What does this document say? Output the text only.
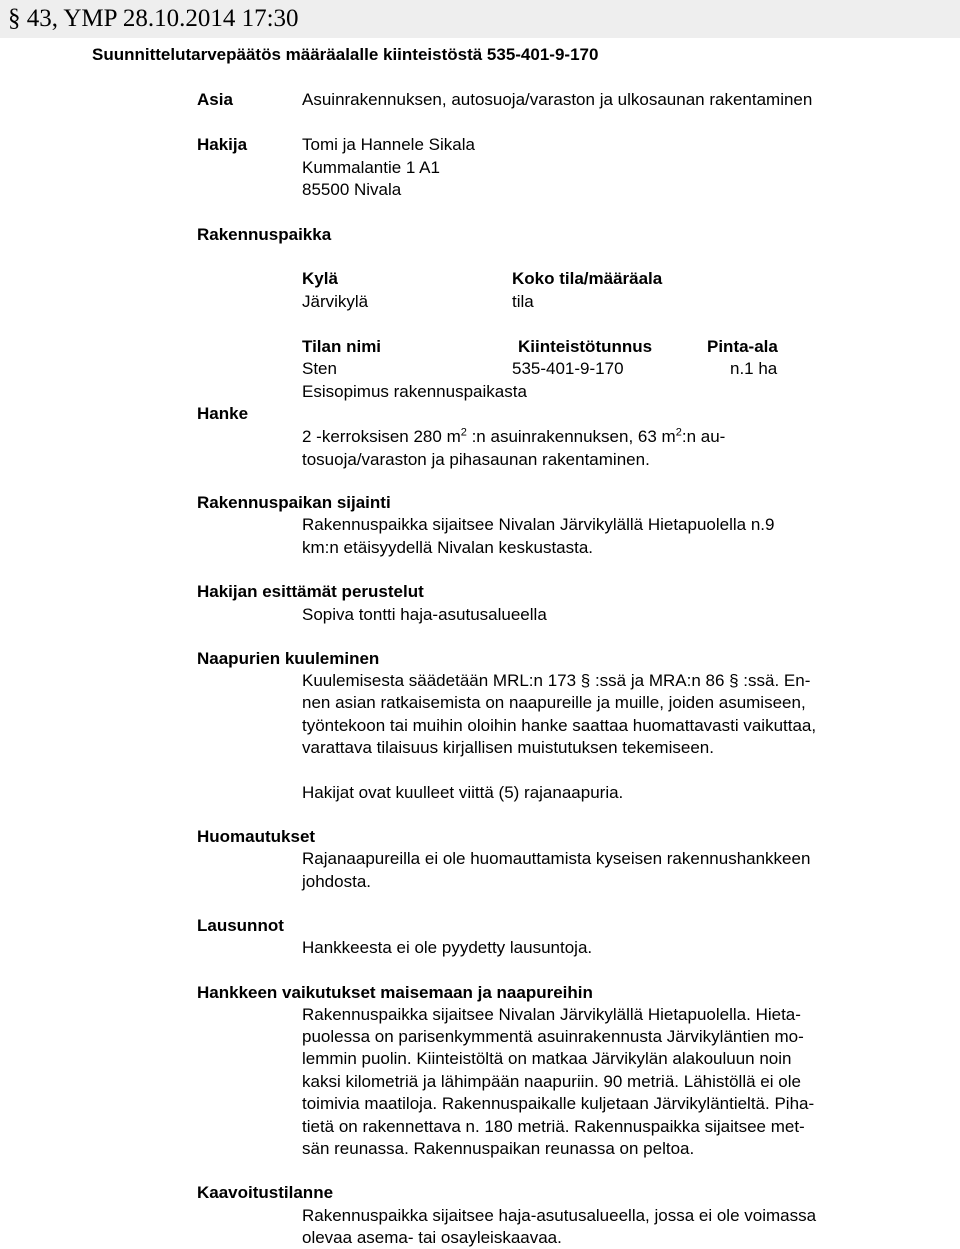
§ 43, YMP 28.10.2014 17:30
Suunnittelutarvepäätös määräalalle kiinteistöstä 535-401-9-170
Asia	Asuinrakennuksen, autosuoja/varaston ja ulkosaunan rakentaminen
Hakija	Tomi ja Hannele Sikala
Kummalantie 1 A1
85500 Nivala
Rakennuspaikka
Kylä
Järvikylä
Koko tila/määräala
tila
Tilan nimi
Sten
Kiinteistötunnus
535-401-9-170
Pinta-ala
n.1 ha
Esisopimus rakennuspaikasta
Hanke
2 -kerroksisen 280 $m^2$ :n asuinrakennuksen, 63 $m^2:n$ au-
tosuoja/varaston ja pihasaunan rakentaminen.
Rakennuspaikan sijainti
Rakennuspaikka sijaitsee Nivalan Järvikylällä Hietapuolella n.9
km:n etäisyydellä Nivalan keskustasta.
Hakijan esittämät perustelut
Sopiva tontti haja-asutusalueella
Naapurien kuuleminen
Kuulemisesta säädetään MRL:n 173 § :ssä ja MRA:n 86 § :ssä. En-
nen asian ratkaisemista on naapureille ja muille, joiden asumiseen,
työntekoon tai muihin oloihin hanke saattaa huomattavasti vaikuttaa,
varattava tilaisuus kirjallisen muistutuksen tekemiseen.
Hakijat ovat kuulleet viittä (5) rajanaapuria.
Huomautukset
Rajanaapureilla ei ole huomauttamista kyseisen rakennushankkeen
johdosta.
Lausunnot
Hankkeesta ei ole pyydetty lausuntoja.
Hankkeen vaikutukset maisemaan ja naapureihin
Rakennuspaikka sijaitsee Nivalan Järvikylällä Hietapuolella. Hieta-
puolessa on parisenkymmentä asuinrakennusta Järvikyläntien mo-
lemmin puolin. Kiinteistöltä on matkaa Järvikylän alakouluun noin
kaksi kilometriä ja lähimpään naapuriin. 90 metriä. Lähistöllä ei ole
toimivia maatiloja. Rakennuspaikalle kuljetaan Järvikyläntieltä. Piha-
tietä on rakennettava n. 180 metriä. Rakennuspaikka sijaitsee met-
sän reunassa. Rakennuspaikan reunassa on peltoa.
Kaavoitustilanne
Rakennuspaikka sijaitsee haja-asutusalueella, jossa ei ole voimassa
olevaa asema- tai osayleiskaavaa.
